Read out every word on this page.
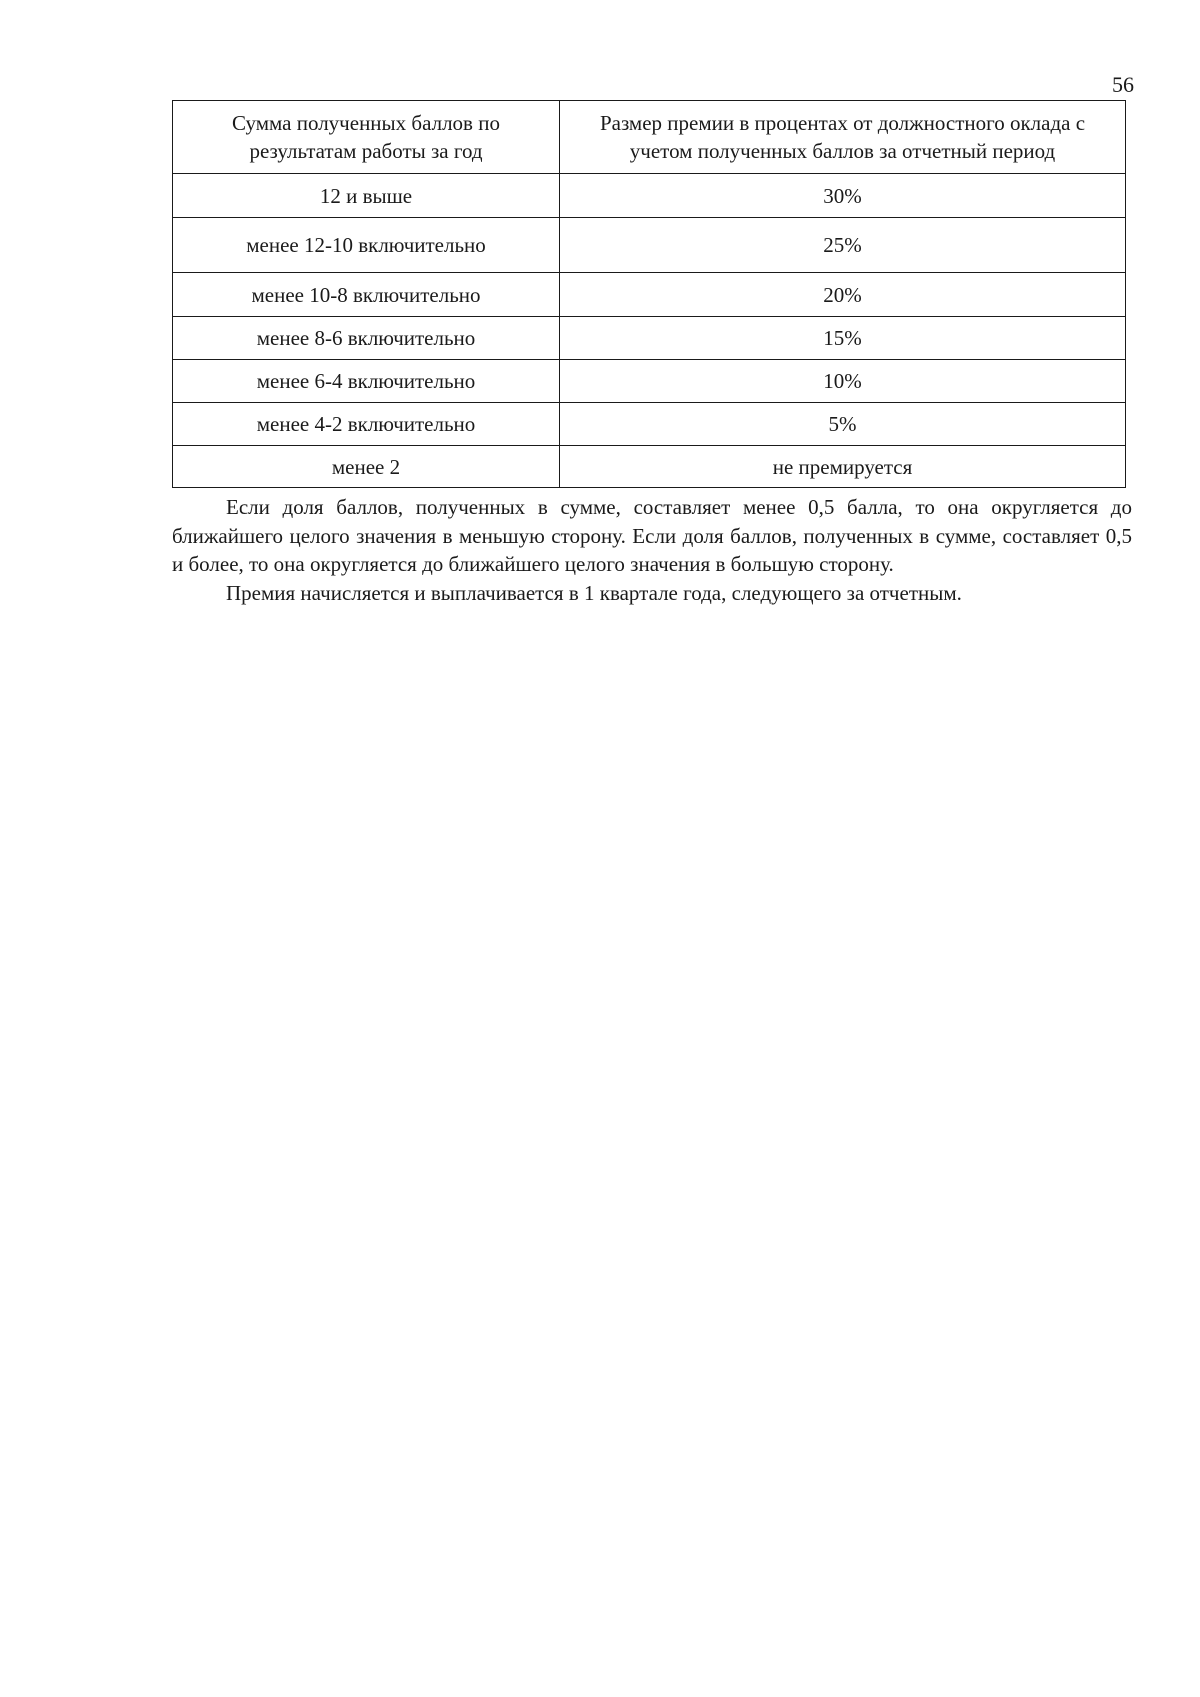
56
Сумма полученных баллов по результатам работы за год	Размер премии в процентах от должностного оклада с учетом полученных баллов за отчетный период
12 и выше	30%
менее 12-10 включительно	25%
менее 10-8 включительно	20%
менее 8-6 включительно	15%
менее 6-4 включительно	10%
менее 4-2 включительно	5%
менее 2	не премируется

Если доля баллов, полученных в сумме, составляет менее 0,5 балла, то она округляется до ближайшего целого значения в меньшую сторону. Если доля баллов, полученных в сумме, составляет 0,5 и более, то она округляется до ближайшего целого значения в большую сторону.

Премия начисляется и выплачивается в 1 квартале года, следующего за отчетным.
